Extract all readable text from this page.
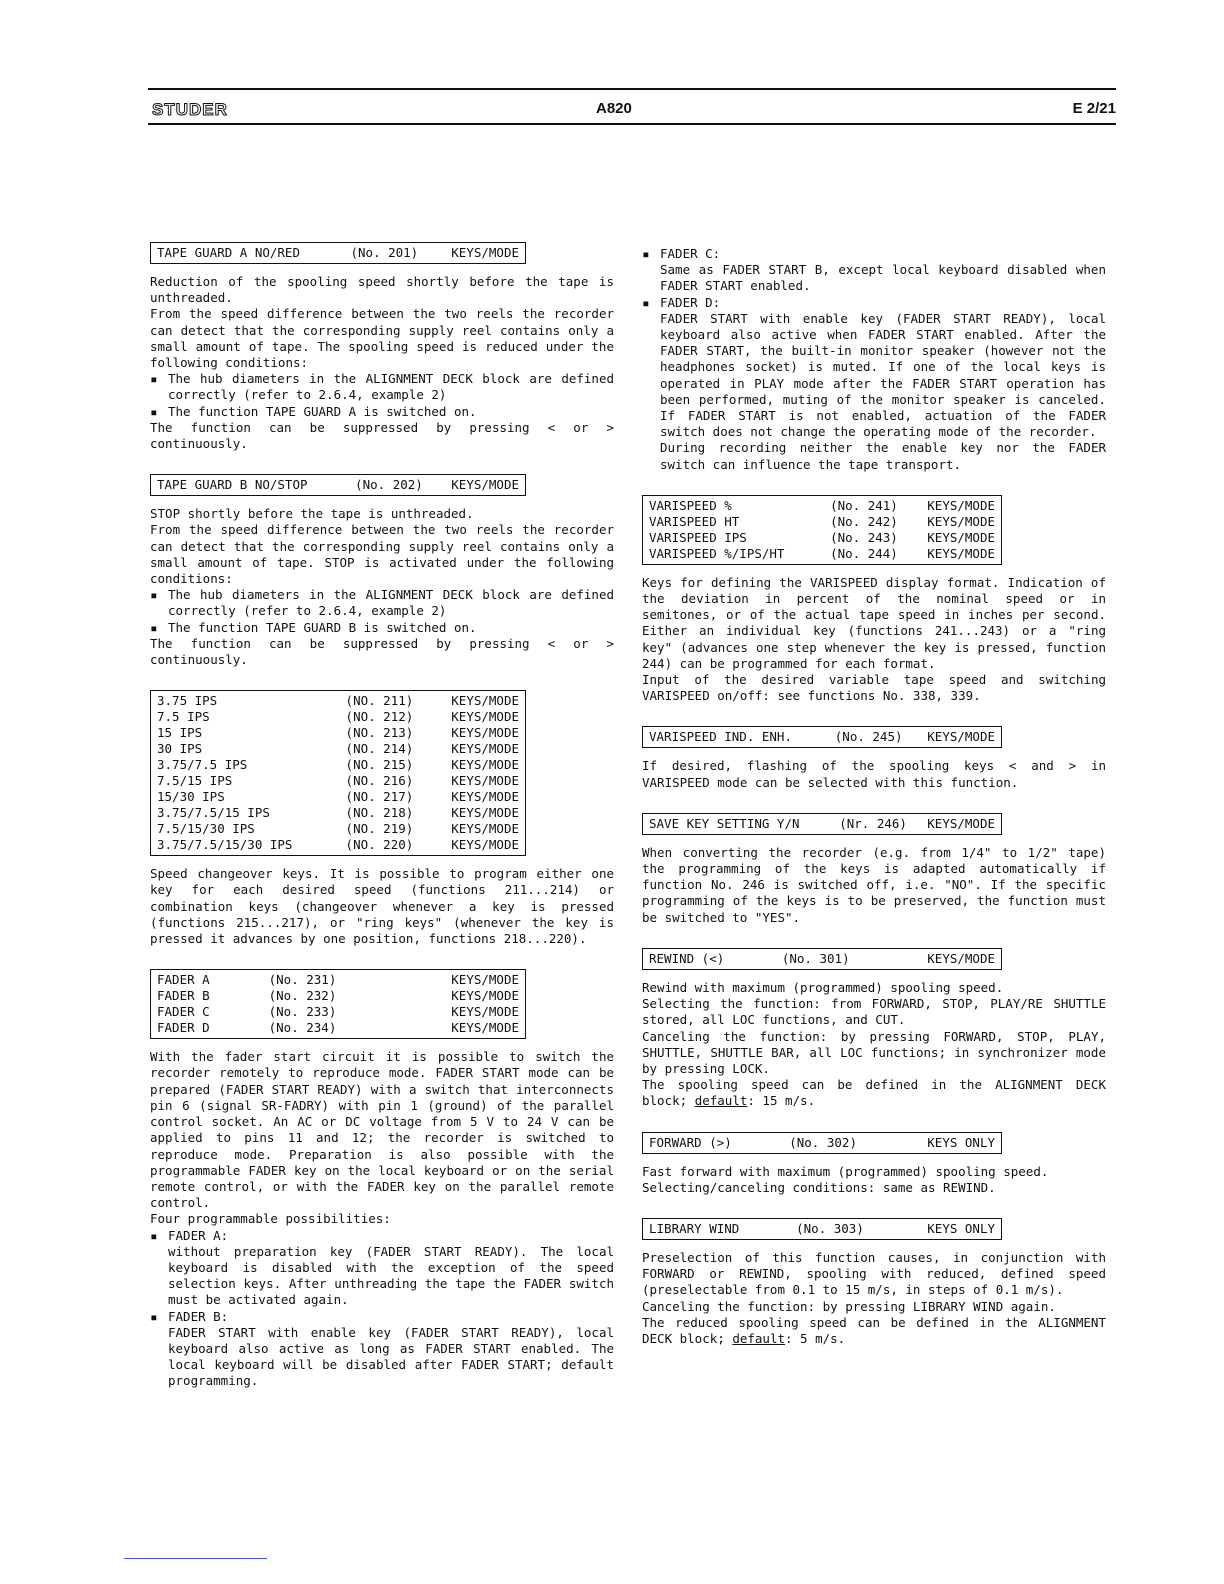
STUDER	A820	E 2/21
TAPE GUARD A NO/RED	(No. 201)	KEYS/MODE

Reduction of the spooling speed shortly before the tape is unthreaded.

From the speed difference between the two reels the recorder can detect that the corresponding supply reel contains only a small amount of tape. The spooling speed is reduced under the following conditions:

▪ The hub diameters in the ALIGNMENT DECK block are defined correctly (refer to 2.6.4, example 2)
▪ The function TAPE GUARD A is switched on.

The function can be suppressed by pressing < or > continuously.

TAPE GUARD B NO/STOP	(No. 202)	KEYS/MODE

STOP shortly before the tape is unthreaded.

From the speed difference between the two reels the recorder can detect that the corresponding supply reel contains only a small amount of tape. STOP is activated under the following conditions:

▪ The hub diameters in the ALIGNMENT DECK block are defined correctly (refer to 2.6.4, example 2)
▪ The function TAPE GUARD B is switched on.

The function can be suppressed by pressing < or > continuously.

3.75 IPS	(NO. 211)	KEYS/MODE
7.5 IPS	(NO. 212)	KEYS/MODE
15 IPS	(NO. 213)	KEYS/MODE
30 IPS	(NO. 214)	KEYS/MODE
3.75/7.5 IPS	(NO. 215)	KEYS/MODE
7.5/15 IPS	(NO. 216)	KEYS/MODE
15/30 IPS	(NO. 217)	KEYS/MODE
3.75/7.5/15 IPS	(NO. 218)	KEYS/MODE
7.5/15/30 IPS	(NO. 219)	KEYS/MODE
3.75/7.5/15/30 IPS	(NO. 220)	KEYS/MODE

Speed changeover keys. It is possible to program either one key for each desired speed (functions 211...214) or combination keys (changeover whenever a key is pressed (functions 215...217), or "ring keys" (whenever the key is pressed it advances by one position, functions 218...220).

FADER A	(No. 231)	KEYS/MODE
FADER B	(No. 232)	KEYS/MODE
FADER C	(No. 233)	KEYS/MODE
FADER D	(No. 234)	KEYS/MODE

With the fader start circuit it is possible to switch the recorder remotely to reproduce mode. FADER START mode can be prepared (FADER START READY) with a switch that interconnects pin 6 (signal SR-FADRY) with pin 1 (ground) of the parallel control socket. An AC or DC voltage from 5 V to 24 V can be applied to pins 11 and 12; the recorder is switched to reproduce mode. Preparation is also possible with the programmable FADER key on the local keyboard or on the serial remote control, or with the FADER key on the parallel remote control.

Four programmable possibilities:

▪ FADER A:
without preparation key (FADER START READY). The local keyboard is disabled with the exception of the speed selection keys. After unthreading the tape the FADER switch must be activated again.
▪ FADER B:
FADER START with enable key (FADER START READY), local keyboard also active as long as FADER START enabled. The local keyboard will be disabled after FADER START; default programming.
▪ FADER C:
Same as FADER START B, except local keyboard disabled when FADER START enabled.
▪ FADER D:
FADER START with enable key (FADER START READY), local keyboard also active when FADER START enabled. After the FADER START, the built-in monitor speaker (however not the headphones socket) is muted. If one of the local keys is operated in PLAY mode after the FADER START operation has been performed, muting of the monitor speaker is canceled. If FADER START is not enabled, actuation of the FADER switch does not change the operating mode of the recorder.
During recording neither the enable key nor the FADER switch can influence the tape transport.
VARISPEED %	(No. 241)	KEYS/MODE
VARISPEED HT	(No. 242)	KEYS/MODE
VARISPEED IPS	(No. 243)	KEYS/MODE
VARISPEED %/IPS/HT	(No. 244)	KEYS/MODE

Keys for defining the VARISPEED display format. Indication of the deviation in percent of the nominal speed or in semitones, or of the actual tape speed in inches per second. Either an individual key (functions 241...243) or a "ring key" (advances one step whenever the key is pressed, function 244) can be programmed for each format.

Input of the desired variable tape speed and switching VARISPEED on/off: see functions No. 338, 339.

VARISPEED IND. ENH.	(No. 245)	KEYS/MODE

If desired, flashing of the spooling keys < and > in VARISPEED mode can be selected with this function.

SAVE KEY SETTING Y/N	(Nr. 246)	KEYS/MODE

When converting the recorder (e.g. from 1/4" to 1/2" tape) the programming of the keys is adapted automatically if function No. 246 is switched off, i.e. "NO". If the specific programming of the keys is to be preserved, the function must be switched to "YES".

REWIND (<)	(No. 301)	KEYS/MODE

Rewind with maximum (programmed) spooling speed.

Selecting the function: from FORWARD, STOP, PLAY/RE SHUTTLE stored, all LOC functions, and CUT.

Canceling the function: by pressing FORWARD, STOP, PLAY, SHUTTLE, SHUTTLE BAR, all LOC functions; in synchronizer mode by pressing LOCK.

The spooling speed can be defined in the ALIGNMENT DECK block; default: 15 m/s.

FORWARD (>)	(No. 302)	KEYS ONLY

Fast forward with maximum (programmed) spooling speed.

Selecting/canceling conditions: same as REWIND.

LIBRARY WIND	(No. 303)	KEYS ONLY

Preselection of this function causes, in conjunction with FORWARD or REWIND, spooling with reduced, defined speed (preselectable from 0.1 to 15 m/s, in steps of 0.1 m/s).

Canceling the function: by pressing LIBRARY WIND again.

The reduced spooling speed can be defined in the ALIGNMENT DECK block; default: 5 m/s.
